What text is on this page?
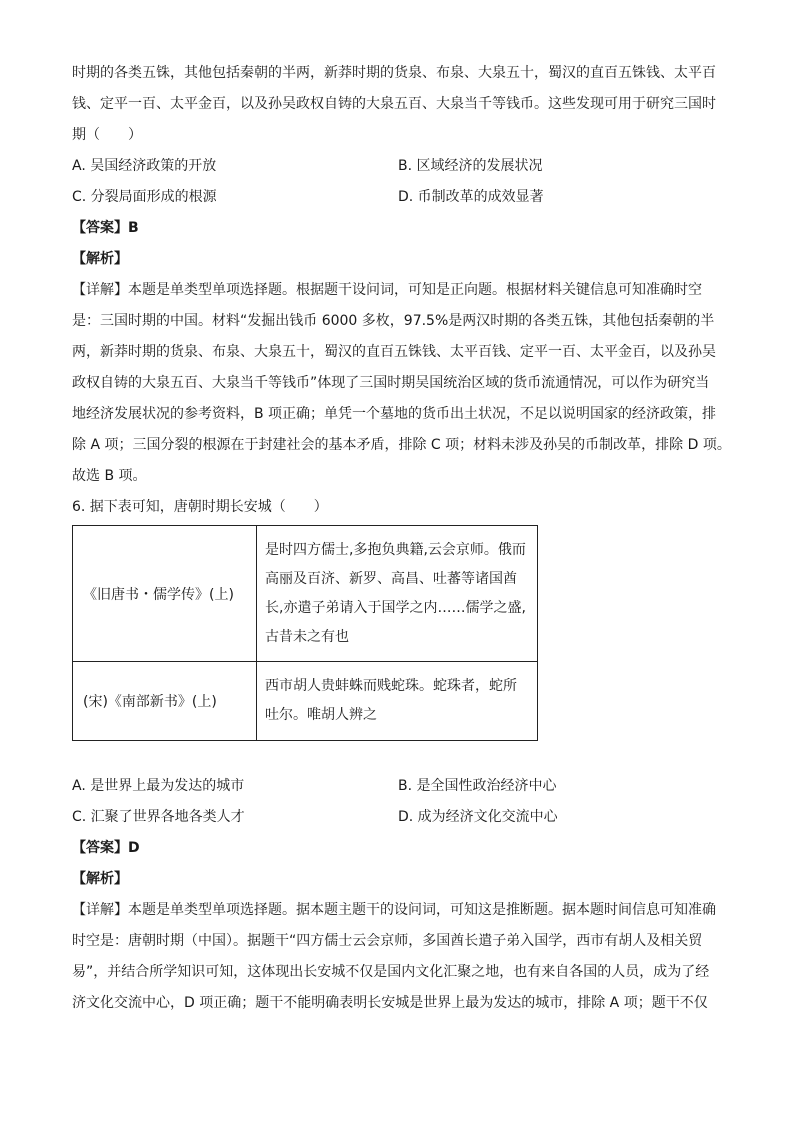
时期的各类五铢，其他包括秦朝的半两，新莽时期的货泉、布泉、大泉五十，蜀汉的直百五铢钱、太平百
钱、定平一百、太平金百，以及孙吴政权自铸的大泉五百、大泉当千等钱币。这些发现可用于研究三国时
期（　　）
A. 吴国经济政策的开放	B. 区域经济的发展状况
C. 分裂局面形成的根源	D. 币制改革的成效显著
【答案】B
【解析】
【详解】本题是单类型单项选择题。根据题干设问词，可知是正向题。根据材料关键信息可知准确时空
是：三国时期的中国。材料“发掘出钱币 6000 多枚，97.5%是两汉时期的各类五铢，其他包括秦朝的半
两，新莽时期的货泉、布泉、大泉五十，蜀汉的直百五铢钱、太平百钱、定平一百、太平金百，以及孙吴
政权自铸的大泉五百、大泉当千等钱币”体现了三国时期吴国统治区域的货币流通情况，可以作为研究当
地经济发展状况的参考资料，B 项正确；单凭一个墓地的货币出土状况，不足以说明国家的经济政策，排
除 A 项；三国分裂的根源在于封建社会的基本矛盾，排除 C 项；材料未涉及孙吴的币制改革，排除 D 项。
故选 B 项。
6. 据下表可知，唐朝时期长安城（　　）
《旧唐书・儒学传》(上)	是时四方儒士,多抱负典籍,云会京师。俄而高丽及百济、新罗、高昌、吐蕃等诸国酋长,亦遣子弟请入于国学之内……儒学之盛,古昔未之有也
(宋)《南部新书》(上)	西市胡人贵蚌蛛而贱蛇珠。蛇珠者，蛇所吐尔。唯胡人辨之
A. 是世界上最为发达的城市	B. 是全国性政治经济中心
C. 汇聚了世界各地各类人才	D. 成为经济文化交流中心
【答案】D
【解析】
【详解】本题是单类型单项选择题。据本题主题干的设问词，可知这是推断题。据本题时间信息可知准确
时空是：唐朝时期（中国）。据题干“四方儒士云会京师，多国酋长遣子弟入国学，西市有胡人及相关贸
易”，并结合所学知识可知，这体现出长安城不仅是国内文化汇聚之地，也有来自各国的人员，成为了经
济文化交流中心，D 项正确；题干不能明确表明长安城是世界上最为发达的城市，排除 A 项；题干不仅
